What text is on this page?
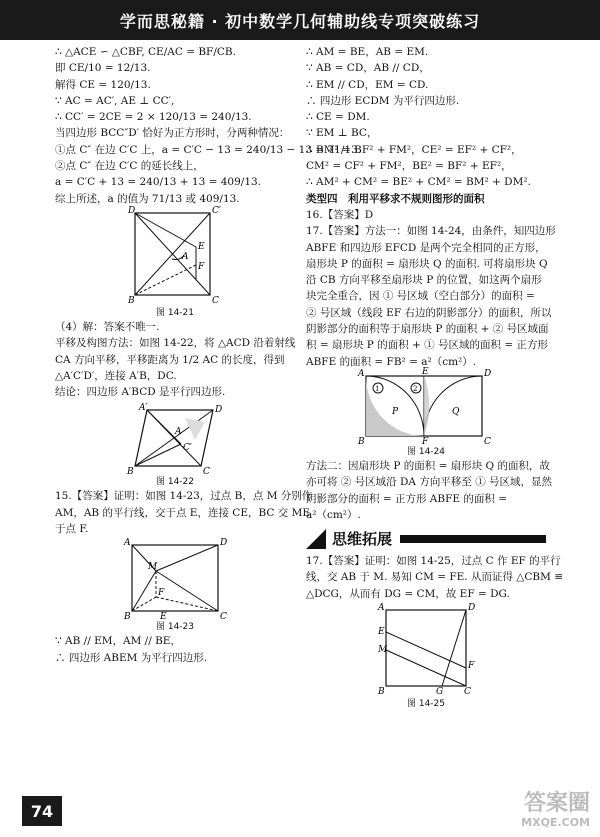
学而思秘籍 · 初中数学几何辅助线专项突破练习
∴ △ACE ∽ △CBF, CE/AC = BF/CB.
即 CE/10 = 12/13.
解得 CE = 120/13.
∵ AC = AC′, AE ⊥ CC′,
∴ CC′ = 2CE = 2 × 120/13 = 240/13.
当四边形 BCC″D′ 恰好为正方形时，分两种情况：
①点 C″ 在边 C′C 上，a = C′C − 13 = 240/13 − 13 = 71/13.
②点 C″ 在边 C′C 的延长线上，
a = C′C + 13 = 240/13 + 13 = 409/13.
综上所述，a 的值为 71/13 或 409/13.
D	C′
A
E
F
B	C
图 14-21
（4）解：答案不唯一.
平移及构图方法：如图 14-22，将 △ACD 沿着射线
CA 方向平移，平移距离为 1/2 AC 的长度，得到
△A′C′D′，连接 A′B，DC.
结论：四边形 A′BCD 是平行四边形.
A′	D
A
C′
B	C
图 14-22
15.【答案】证明：如图 14-23，过点 B，点 M 分别作
AM，AB 的平行线，交于点 E，连接 CE，BC 交 ME
于点 F.
A	D
M
F
E
B	C
图 14-23
∵ AB // EM，AM // BE，
∴ 四边形 ABEM 为平行四边形.
∴ AM = BE，AB = EM.
∵ AB = CD，AB // CD，
∴ EM // CD，EM = CD.
∴ 四边形 ECDM 为平行四边形.
∴ CE = DM.
∵ EM ⊥ BC，
∴ BM² = BF² + FM²，CE² = EF² + CF²，
CM² = CF² + FM²，BE² = BF² + EF²，
∴ AM² + CM² = BE² + CM² = BM² + DM².
类型四　利用平移求不规则图形的面积
16.【答案】D
17.【答案】方法一：如图 14-24，由条件，知四边形
ABFE 和四边形 EFCD 是两个完全相同的正方形，
扇形块 P 的面积 = 扇形块 Q 的面积. 可将扇形块 Q
沿 CB 方向平移至扇形块 P 的位置，如这两个扇形
块完全重合，因 ① 号区域（空白部分）的面积 =
② 号区域（线段 EF 右边的阴影部分）的面积，所以
阴影部分的面积等于扇形块 P 的面积 + ② 号区域面
积 = 扇形块 P 的面积 + ① 号区域的面积 = 正方形
ABFE 的面积 = FB² = a²（cm²）.
1	2
A	E	D
P	Q
B	F	C
图 14-24
方法二：因扇形块 P 的面积 = 扇形块 Q 的面积，故
亦可将 ② 号区域沿 DA 方向平移至 ① 号区域，显然
阴影部分的面积 = 正方形 ABFE 的面积 =
a²（cm²）.
思维拓展
17.【答案】证明：如图 14-25，过点 C 作 EF 的平行
线，交 AB 于 M. 易知 CM = FE. 从而证得 △CBM ≌
△DCG，从而有 DG = CM，故 EF = DG.
A	D
E
M
F
B	G C
图 14-25
74	答案圈
MXQE.COM
